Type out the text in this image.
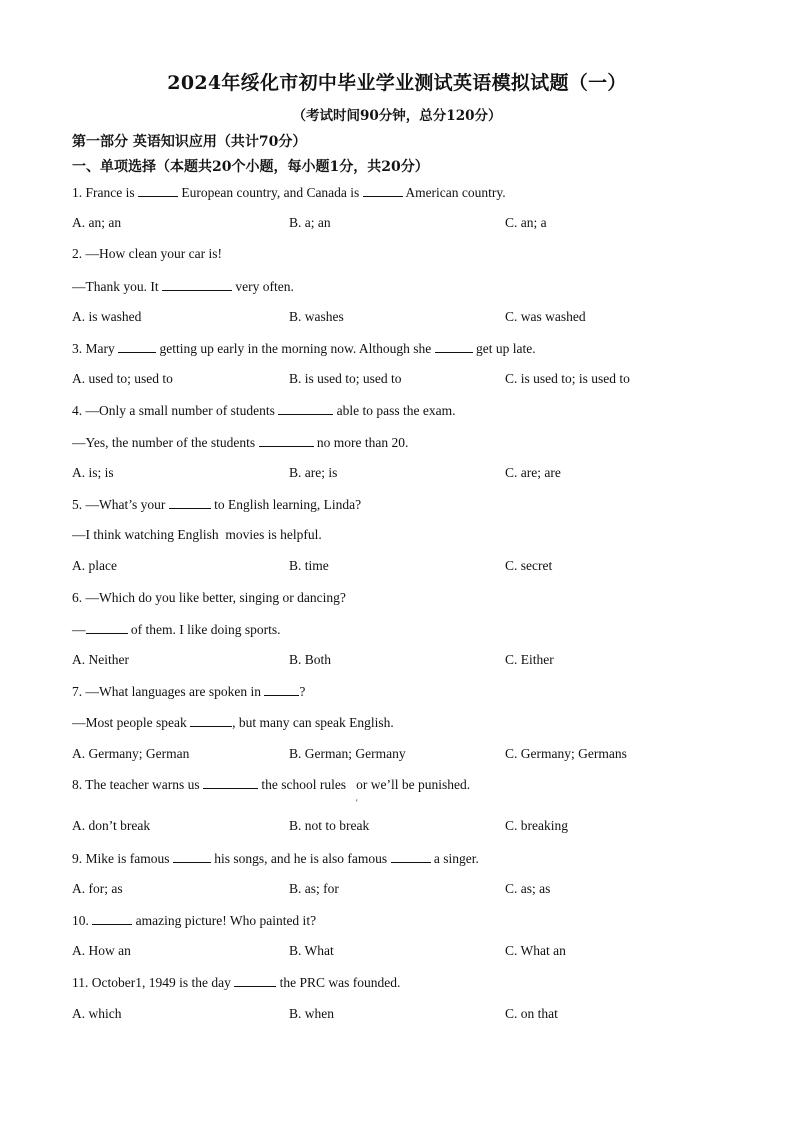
2024年绥化市初中毕业学业测试英语模拟试题（一）
（考试时间90分钟，总分120分）
第一部分 英语知识应用（共计70分）
一、单项选择（本题共20个小题，每小题1分，共20分）
1. France is	European country, and Canada is	American country.
A. an; an	B. a; an	C. an; a
2. —How clean your car is!
—Thank you. It	very often.
A. is washed	B. washes	C. was washed
3. Mary	getting up early in the morning now. Although she	get up late.
A. used to; used to	B. is used to; used to	C. is used to; is used to
4. —Only a small number of students	able to pass the exam.
—Yes, the number of the students	no more than 20.
A. is; is	B. are; is	C. are; are
5. —What’s your	to English learning, Linda?
—I think watching English  movies is helpful.
A. place	B. time	C. secret
6. —Which do you like better, singing or dancing?
—	of them. I like doing sports.
A. Neither	B. Both	C. Either
7. —What languages are spoken in	?
—Most people speak	, but many can speak English.
A. Germany; German	B. German; Germany	C. Germany; Germans
8. The teacher warns us	the school rules   or we’ll be punished.
A. don’t break	B. not to break	C. breaking
9. Mike is famous	his songs, and he is also famous	a singer.
A. for; as	B. as; for	C. as; as
10.	amazing picture! Who painted it?
A. How an	B. What	C. What an
11. October1, 1949 is the day	the PRC was founded.
A. which	B. when	C. on that
'
